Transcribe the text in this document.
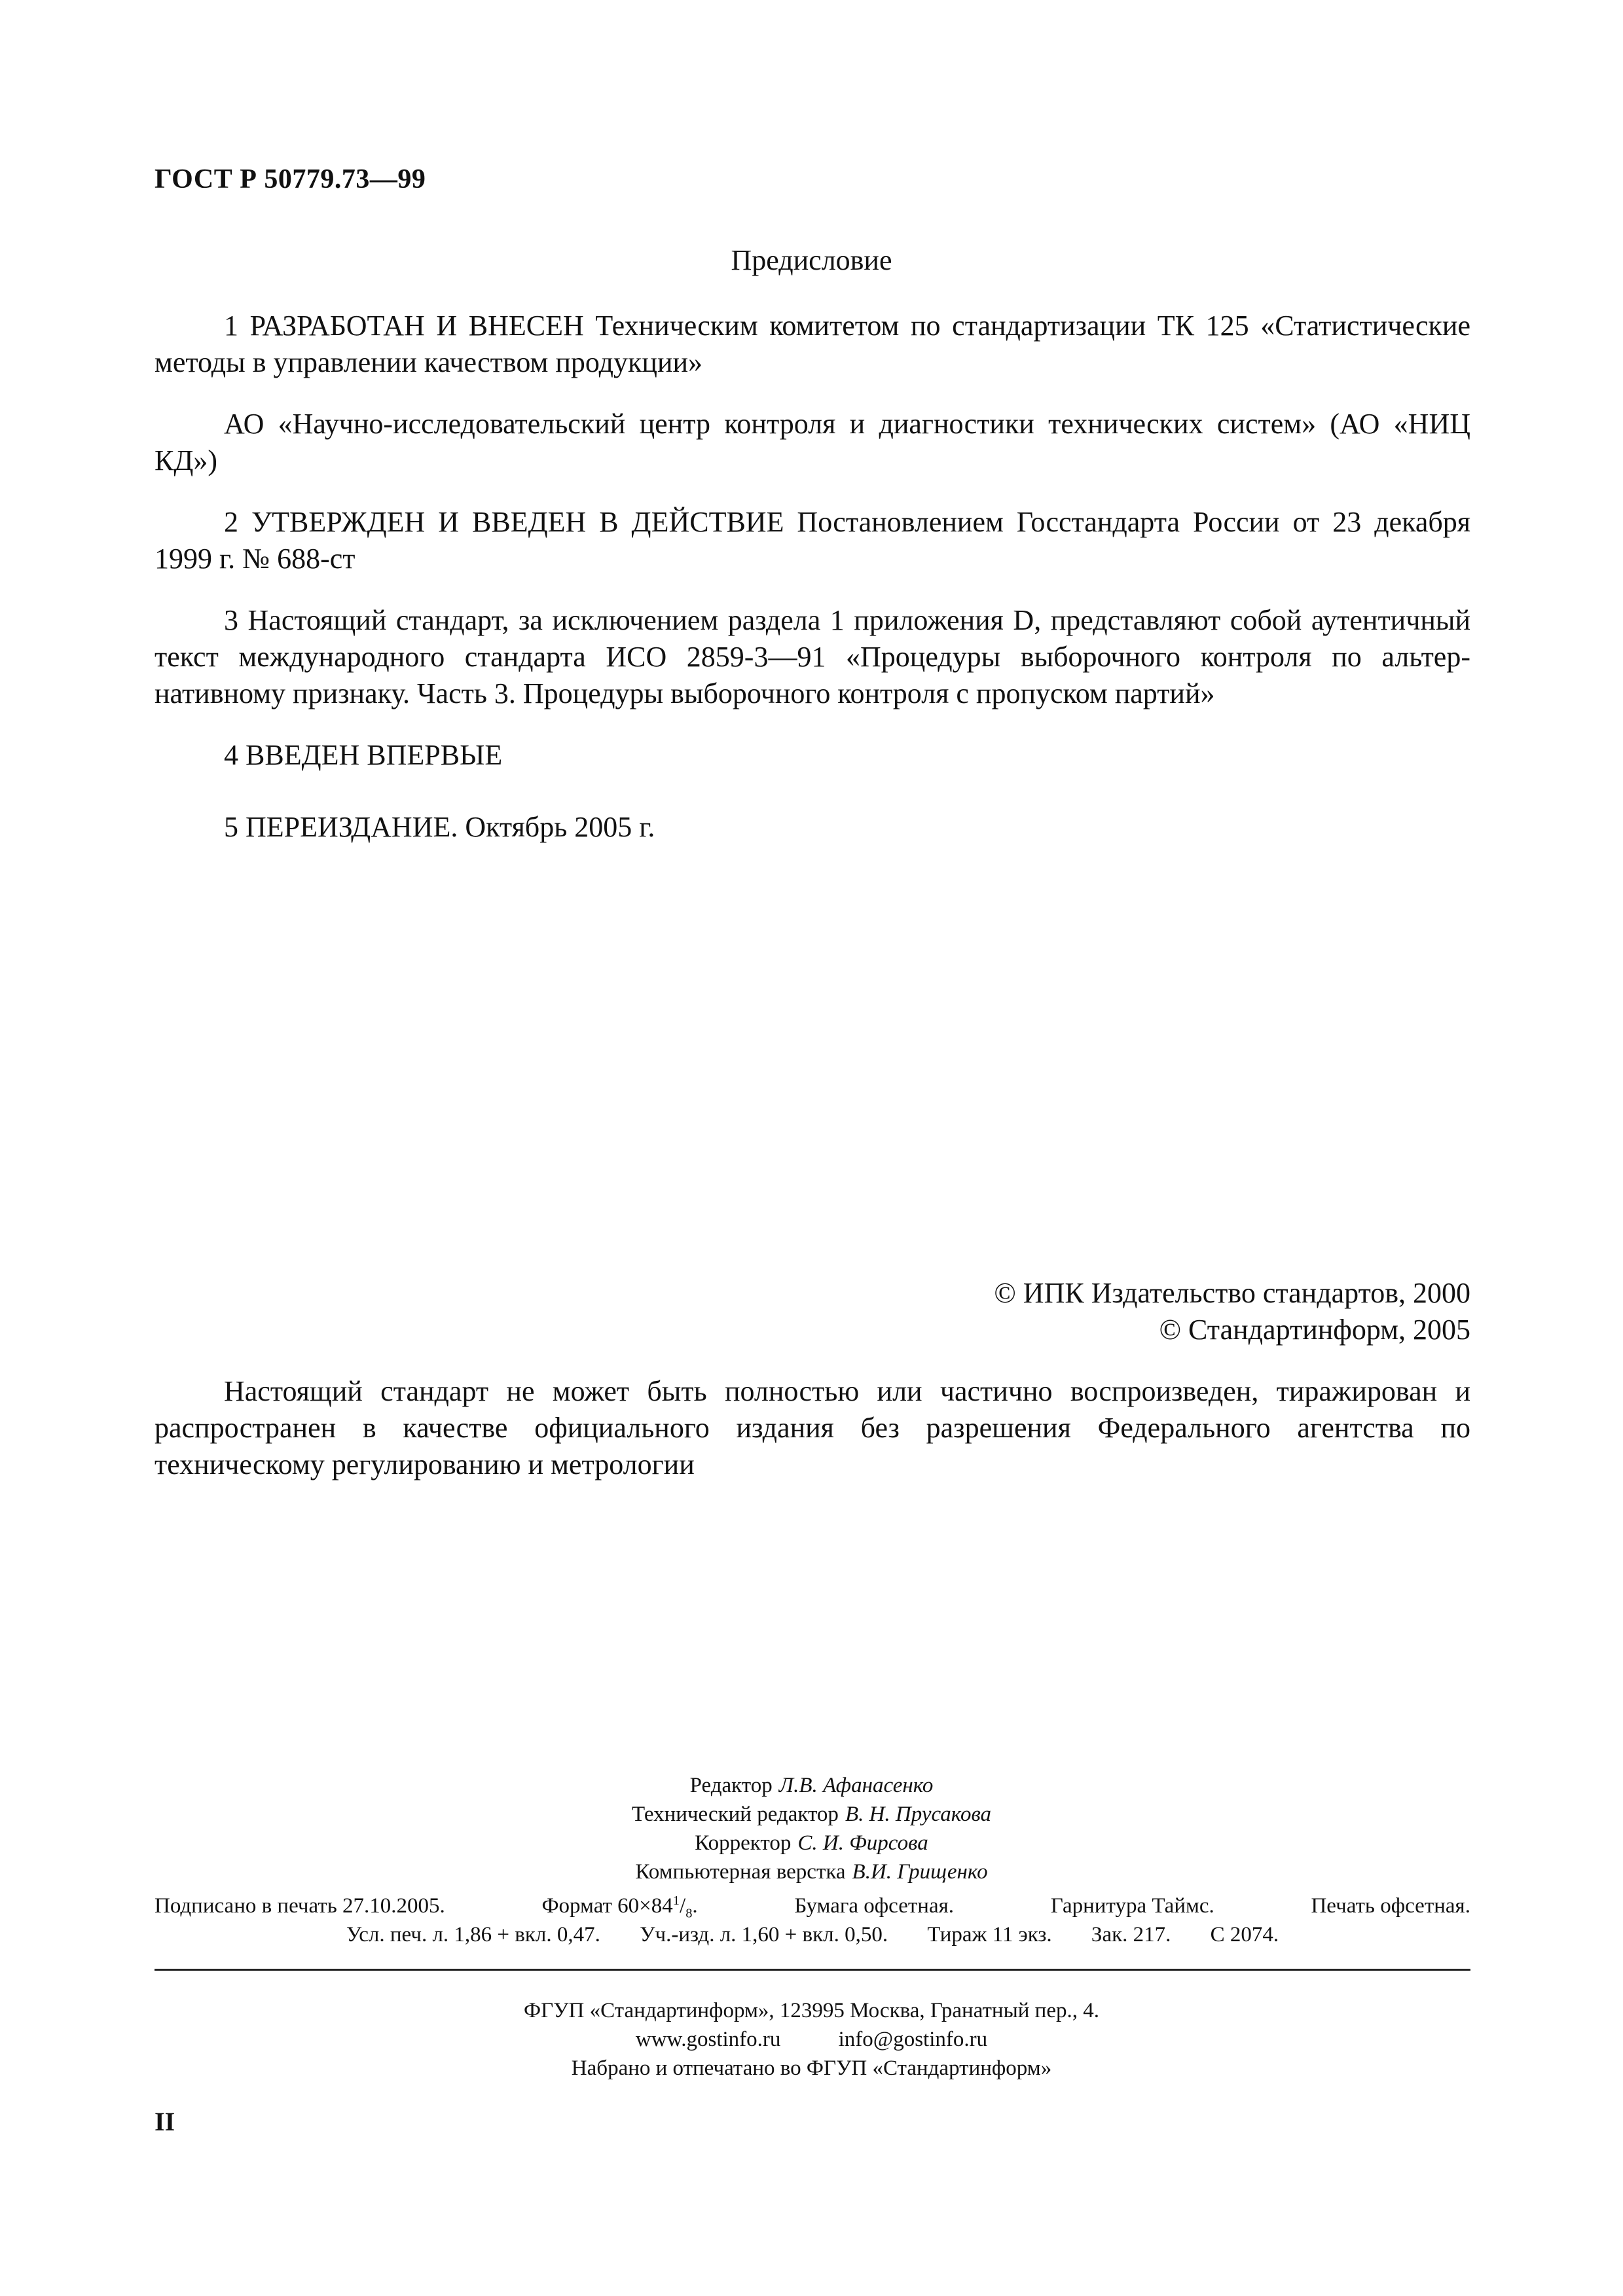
ГОСТ Р 50779.73—99
Предисловие
1 РАЗРАБОТАН И ВНЕСЕН Техническим комитетом по стандартизации ТК 125 «Статистические методы в управлении качеством продукции»
АО «Научно-исследовательский центр контроля и диагностики технических систем» (АО «НИЦ КД»)
2 УТВЕРЖДЕН И ВВЕДЕН В ДЕЙСТВИЕ Постановлением Госстандарта России от 23 декабря 1999 г. № 688-ст
3 Настоящий стандарт, за исключением раздела 1 приложения D, представляют собой аутентичный текст международного стандарта ИСО 2859-3—91 «Процедуры выборочного контроля по альтернативному признаку. Часть 3. Процедуры выборочного контроля с пропуском партий»
4 ВВЕДЕН ВПЕРВЫЕ
5 ПЕРЕИЗДАНИЕ. Октябрь 2005 г.
© ИПК Издательство стандартов, 2000
© Стандартинформ, 2005
Настоящий стандарт не может быть полностью или частично воспроизведен, тиражирован и распространен в качестве официального издания без разрешения Федерального агентства по техническому регулированию и метрологии
Редактор Л.В. Афанасенко
Технический редактор В. Н. Прусакова
Корректор С. И. Фирсова
Компьютерная верстка В.И. Грищенко
Подписано в печать 27.10.2005.	Формат $60\times 84^1/_8$.	Бумага офсетная.	Гарнитура Таймс.	Печать офсетная.
Усл. печ. л. 1,86 + вкл. 0,47. Уч.-изд. л. 1,60 + вкл. 0,50. Тираж 11 экз. Зак. 217. С 2074.
ФГУП «Стандартинформ», 123995 Москва, Гранатный пер., 4.
www.gostinfo.ru	info@gostinfo.ru
Набрано и отпечатано во ФГУП «Стандартинформ»
II
